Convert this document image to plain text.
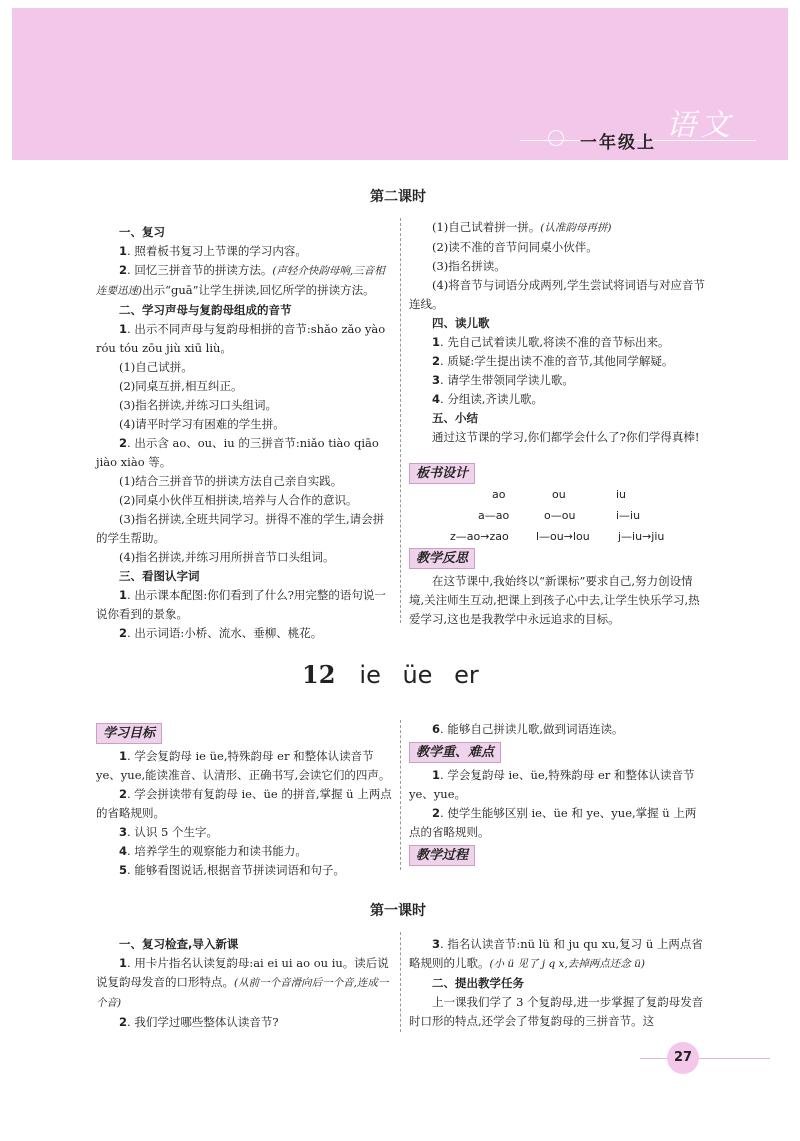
一年级上 语文
第二课时

一、复习

1. 照着板书复习上节课的学习内容。

2. 回忆三拼音节的拼读方法。(声轻介快韵母响,三音相连要迅速)出示“guā”让学生拼读,回忆所学的拼读方法。

二、学习声母与复韵母组成的音节

1. 出示不同声母与复韵母相拼的音节:shǎo zǎo yào róu tóu zōu jiù xiū liù。

(1)自己试拼。

(2)同桌互拼,相互纠正。

(3)指名拼读,并练习口头组词。

(4)请平时学习有困难的学生拼。

2. 出示含 ao、ou、iu 的三拼音节:niǎo tiào qiāo jiào xiào 等。

(1)结合三拼音节的拼读方法自己亲自实践。

(2)同桌小伙伴互相拼读,培养与人合作的意识。

(3)指名拼读,全班共同学习。拼得不准的学生,请会拼的学生帮助。

(4)指名拼读,并练习用所拼音节口头组词。

三、看图认字词

1. 出示课本配图:你们看到了什么?用完整的语句说一说你看到的景象。

2. 出示词语:小桥、流水、垂柳、桃花。

(1)自己试着拼一拼。(认准韵母再拼)

(2)读不准的音节问同桌小伙伴。

(3)指名拼读。

(4)将音节与词语分成两列,学生尝试将词语与对应音节连线。

四、读儿歌

1. 先自己试着读儿歌,将读不准的音节标出来。

2. 质疑:学生提出读不准的音节,其他同学解疑。

3. 请学生带领同学读儿歌。

4. 分组读,齐读儿歌。

五、小结

通过这节课的学习,你们都学会什么了?你们学得真棒!

板书设计
ao	ou	iu
a—ao	o—ou	i—iu
z—ao→zao l—ou→lou	j—iu→jiu
教学反思
在这节课中,我始终以“新课标”要求自己,努力创设情境,关注师生互动,把课上到孩子心中去,让学生快乐学习,热爱学习,这也是我教学中永远追求的目标。
12 ie üe er
学习目标

1. 学会复韵母 ie üe,特殊韵母 er 和整体认读音节 ye、yue,能读准音、认清形、正确书写,会读它们的四声。

2. 学会拼读带有复韵母 ie、üe 的拼音,掌握 ü 上两点的省略规则。

3. 认识 5 个生字。

4. 培养学生的观察能力和读书能力。

5. 能够看图说话,根据音节拼读词语和句子。

6. 能够自己拼读儿歌,做到词语连读。
教学重、难点

1. 学会复韵母 ie、üe,特殊韵母 er 和整体认读音节 ye、yue。

2. 使学生能够区别 ie、üe 和 ye、yue,掌握 ü 上两点的省略规则。

教学过程
第一课时

一、复习检查,导入新课

1. 用卡片指名认读复韵母:ai ei ui ao ou iu。读后说说复韵母发音的口形特点。(从前一个音滑向后一个音,连成一个音)

2. 我们学过哪些整体认读音节?

3. 指名认读音节:nü lü 和 ju qu xu,复习 ü 上两点省略规则的儿歌。(小 ü 见了 j q x,去掉两点还念 ü)

二、提出教学任务

上一课我们学了 3 个复韵母,进一步掌握了复韵母发音时口形的特点,还学会了带复韵母的三拼音节。这

27
